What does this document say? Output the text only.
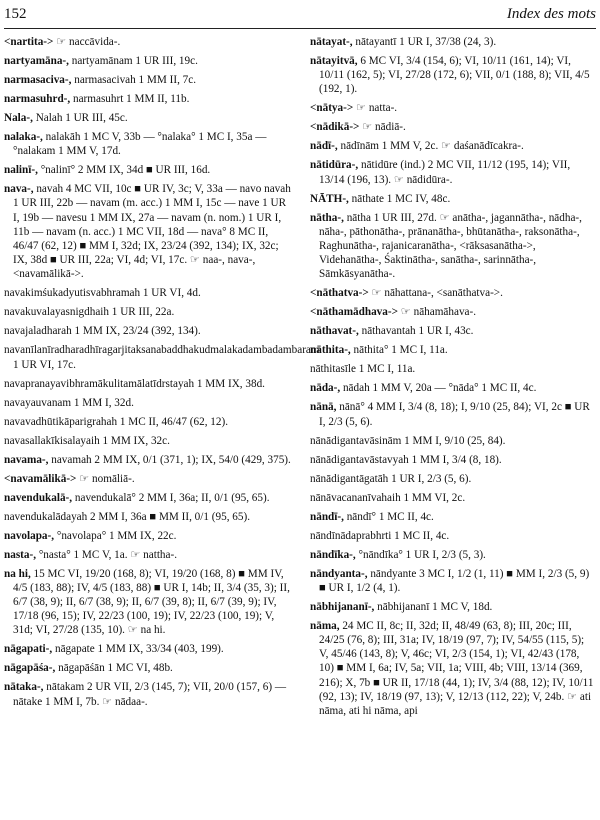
152	Index des mots

<nartita-> ☞ naccāvida-.

nartyamāna-, nartyamānam 1 UR III, 19c.

narmasaciva-, narmasacivah 1 MM II, 7c.

narmasuhrd-, narmasuhrt 1 MM II, 11b.

Nala-, Nalah 1 UR III, 45c.

nalaka-, nalakāh 1 MC V, 33b — °nalaka° 1 MC I, 35a — °nalakam 1 MM V, 17d.

nalinī-, °nalinī° 2 MM IX, 34d ■ UR III, 16d.

nava-, navah 4 MC VII, 10c ■ UR IV, 3c; V, 33a — navo navah 1 UR III, 22b — navam (m. acc.) 1 MM I, 15c — nave 1 UR I, 19b — navesu 1 MM IX, 27a — navam (n. nom.) 1 UR I, 11b — navam (n. acc.) 1 MC VII, 18d — nava° 8 MC II, 46/47 (62, 12) ■ MM I, 32d; IX, 23/24 (392, 134); IX, 32c; IX, 38d ■ UR III, 22a; VI, 4d; VI, 17c. ☞ naa-, nava-, <navamālikā->.

navakimśukadyutisvabhramah 1 UR VI, 4d.

navakuvalayasnigdhaih 1 UR III, 22a.

navajaladharah 1 MM IX, 23/24 (392, 134).

navanīlanīradharadhīragarjitaksanabaddhakudmalakadambadambaram 1 UR VI, 17c.

navapranayavibhramākulitamālatīdrstayah 1 MM IX, 38d.

navayauvanam 1 MM I, 32d.

navavadhūtikāparigrahah 1 MC II, 46/47 (62, 12).

navasallakīkisalayaih 1 MM IX, 32c.

navama-, navamah 2 MM IX, 0/1 (371, 1); IX, 54/0 (429, 375).

<navamālikā-> ☞ nomāliā-.

navendukalā-, navendukalā° 2 MM I, 36a; II, 0/1 (95, 65).

navendukalādayah 2 MM I, 36a ■ MM II, 0/1 (95, 65).

navolapa-, °navolapa° 1 MM IX, 22c.

nasta-, °nasta° 1 MC V, 1a. ☞ nattha-.

na hi, 15 MC VI, 19/20 (168, 8); VI, 19/20 (168, 8) ■ MM IV, 4/5 (183, 88); IV, 4/5 (183, 88) ■ UR I, 14b; II, 3/4 (35, 3); II, 6/7 (38, 9); II, 6/7 (38, 9); II, 6/7 (39, 8); II, 6/7 (39, 9); IV, 17/18 (96, 15); IV, 22/23 (100, 19); IV, 22/23 (100, 19); V, 31d; VI, 27/28 (135, 10). ☞ na hi.

nāgapati-, nāgapate 1 MM IX, 33/34 (403, 199).

nāgapāśa-, nāgapāśān 1 MC VI, 48b.

nātaka-, nātakam 2 UR VII, 2/3 (145, 7); VII, 20/0 (157, 6) — nātake 1 MM I, 7b. ☞ nādaa-.

nātayat-, nātayantī 1 UR I, 37/38 (24, 3).

nātayitvā, 6 MC VI, 3/4 (154, 6); VI, 10/11 (161, 14); VI, 10/11 (162, 5); VI, 27/28 (172, 6); VII, 0/1 (188, 8); VII, 4/5 (192, 1).

<nātya-> ☞ natta-.

<nādikā-> ☞ nādiā-.

nādī-, nādīnām 1 MM V, 2c. ☞ daśanādīcakra-.

nātidūra-, nātidūre (ind.) 2 MC VII, 11/12 (195, 14); VII, 13/14 (196, 13). ☞ nādidūra-.

NĀTH-, nāthate 1 MC IV, 48c.

nātha-, nātha 1 UR III, 27d. ☞ anātha-, jagannātha-, nādha-, nāha-, pāthonātha-, prānanātha-, bhūtanātha-, raksonātha-, Raghunātha-, rajanicaranātha-, <rāksasanātha->, Videhanātha-, Śaktinātha-, sanātha-, sarinnātha-, Sāmkāsyanātha-.

<nāthatva-> ☞ nāhattana-, <sanāthatva->.

<nāthamādhava-> ☞ nāhamāhava-.

nāthavat-, nāthavantah 1 UR I, 43c.

nāthita-, nāthita° 1 MC I, 11a.

nāthitasīle 1 MC I, 11a.

nāda-, nādah 1 MM V, 20a — °nāda° 1 MC II, 4c.

nānā, nānā° 4 MM I, 3/4 (8, 18); I, 9/10 (25, 84); VI, 2c ■ UR I, 2/3 (5, 6).

nānādigantavāsinām 1 MM I, 9/10 (25, 84).

nānādigantavāstavyah 1 MM I, 3/4 (8, 18).

nānādigantāgatāh 1 UR I, 2/3 (5, 6).

nānāvacananīvahaih 1 MM VI, 2c.

nāndī-, nāndī° 1 MC II, 4c.

nāndīnādaprabhrti 1 MC II, 4c.

nāndīka-, °nāndīka° 1 UR I, 2/3 (5, 3).

nāndyanta-, nāndyante 3 MC I, 1/2 (1, 11) ■ MM I, 2/3 (5, 9) ■ UR I, 1/2 (4, 1).

nābhijananī-, nābhijananī 1 MC V, 18d.

nāma, 24 MC II, 8c; II, 32d; II, 48/49 (63, 8); III, 20c; III, 24/25 (76, 8); III, 31a; IV, 18/19 (97, 7); IV, 54/55 (115, 5); V, 45/46 (143, 8); V, 46c; VI, 2/3 (154, 1); VI, 42/43 (178, 10) ■ MM I, 6a; IV, 5a; VII, 1a; VIII, 4b; VIII, 13/14 (369, 216); X, 7b ■ UR II, 17/18 (44, 1); IV, 3/4 (88, 12); IV, 10/11 (92, 13); IV, 18/19 (97, 13); V, 12/13 (112, 22); V, 24b. ☞ ati nāma, ati hi nāma, api
